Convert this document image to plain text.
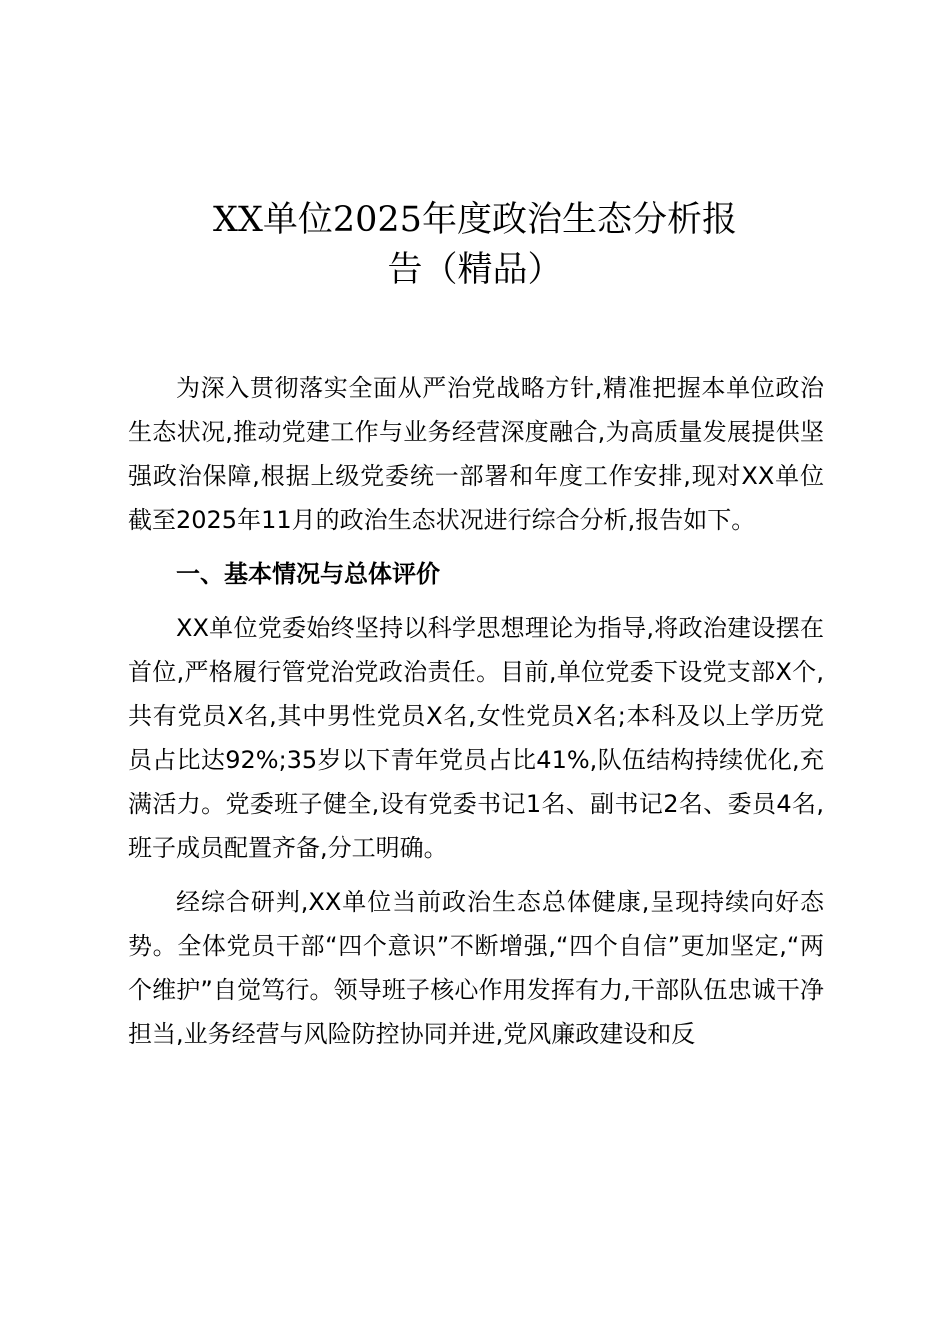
XX单位2025年度政治生态分析报
告（精品）

为深入贯彻落实全面从严治党战略方针,精准把握本单位政治生态状况,推动党建工作与业务经营深度融合,为高质量发展提供坚强政治保障,根据上级党委统一部署和年度工作安排,现对XX单位截至2025年11月的政治生态状况进行综合分析,报告如下。

一、基本情况与总体评价

XX单位党委始终坚持以科学思想理论为指导,将政治建设摆在首位,严格履行管党治党政治责任。目前,单位党委下设党支部X个,共有党员X名,其中男性党员X名,女性党员X名;本科及以上学历党员占比达92%;35岁以下青年党员占比41%,队伍结构持续优化,充满活力。党委班子健全,设有党委书记1名、副书记2名、委员4名,班子成员配置齐备,分工明确。

经综合研判,XX单位当前政治生态总体健康,呈现持续向好态势。全体党员干部“四个意识”不断增强,“四个自信”更加坚定,“两个维护”自觉笃行。领导班子核心作用发挥有力,干部队伍忠诚干净担当,业务经营与风险防控协同并进,党风廉政建设和反
